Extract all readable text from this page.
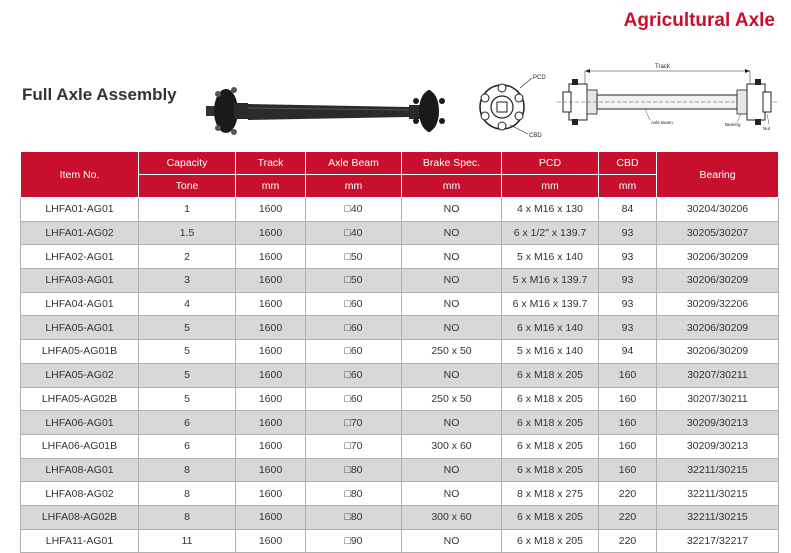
Agricultural Axle
Full Axle Assembly
PCD
CBD
Track
Axle Beam	Bearing
Nut
Item No.	Capacity	Track	Axle Beam	Brake Spec.	PCD	CBD	Bearing
	Tone	mm	mm	mm	mm	mm	
LHFA01-AG01	1	1600	□40	NO	4 x M16 x 130	84	30204/30206
LHFA01-AG02	1.5	1600	□40	NO	6 x 1/2" x 139.7	93	30205/30207
LHFA02-AG01	2	1600	□50	NO	5 x M16 x 140	93	30206/30209
LHFA03-AG01	3	1600	□50	NO	5 x M16 x 139.7	93	30206/30209
LHFA04-AG01	4	1600	□60	NO	6 x M16 x 139.7	93	30209/32206
LHFA05-AG01	5	1600	□60	NO	6 x M16 x 140	93	30206/30209
LHFA05-AG01B	5	1600	□60	250 x 50	5 x M16 x 140	94	30206/30209
LHFA05-AG02	5	1600	□60	NO	6 x M18 x 205	160	30207/30211
LHFA05-AG02B	5	1600	□60	250 x 50	6 x M18 x 205	160	30207/30211
LHFA06-AG01	6	1600	□70	NO	6 x M18 x 205	160	30209/30213
LHFA06-AG01B	6	1600	□70	300 x 60	6 x M18 x 205	160	30209/30213
LHFA08-AG01	8	1600	□80	NO	6 x M18 x 205	160	32211/30215
LHFA08-AG02	8	1600	□80	NO	8 x M18 x 275	220	32211/30215
LHFA08-AG02B	8	1600	□80	300 x 60	6 x M18 x 205	220	32211/30215
LHFA11-AG01	11	1600	□90	NO	6 x M18 x 205	220	32217/32217
